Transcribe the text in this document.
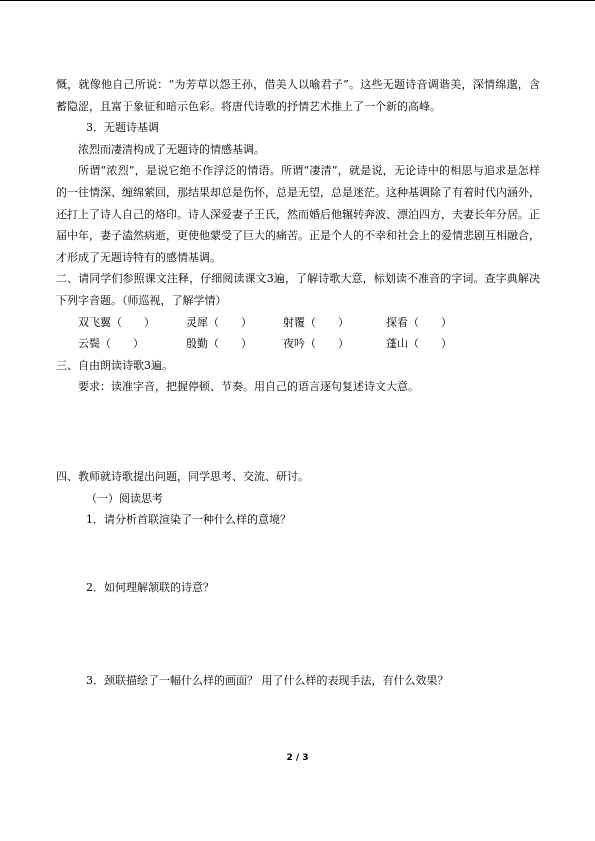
慨，就像他自己所说：“为芳草以怨王孙，借美人以喻君子”。这些无题诗音调谐美，深情绵邈，含蓄隐涩，且富于象征和暗示色彩。将唐代诗歌的抒情艺术推上了一个新的高峰。

3．无题诗基调

浓烈而凄清构成了无题诗的情感基调。

所谓“浓烈”，是说它绝不作浮泛的情语。所谓“凄清”，就是说，无论诗中的相思与追求是怎样的一往情深、缠绵萦回，那结果却总是伤怀，总是无望，总是迷茫。这种基调除了有着时代内涵外，还打上了诗人自己的烙印。诗人深爱妻子王氏，然而婚后他辗转奔波、漂泊四方，夫妻长年分居。正届中年，妻子溘然病逝，更使他蒙受了巨大的痛苦。正是个人的不幸和社会上的爱情悲剧互相融合，才形成了无题诗特有的感情基调。

二、请同学们参照课文注释，仔细阅读课文3遍，了解诗歌大意，标划读不准音的字词。查字典解决下列字音题。（师巡视，了解学情）

双飞翼（　　）	灵犀（　　）	射覆（　　）	探看（　　）
云鬓（　　）	殷勤（　　）	夜吟（　　）	蓬山（　　）

三、自由朗读诗歌3遍。

要求：读准字音，把握停顿、节奏。用自己的语言逐句复述诗文大意。

四、教师就诗歌提出问题，同学思考、交流、研讨。

（一）阅读思考

1．请分析首联渲染了一种什么样的意境？

2．如何理解颔联的诗意？

3．颈联描绘了一幅什么样的画面？ 用了什么样的表现手法，有什么效果？

2 / 3
